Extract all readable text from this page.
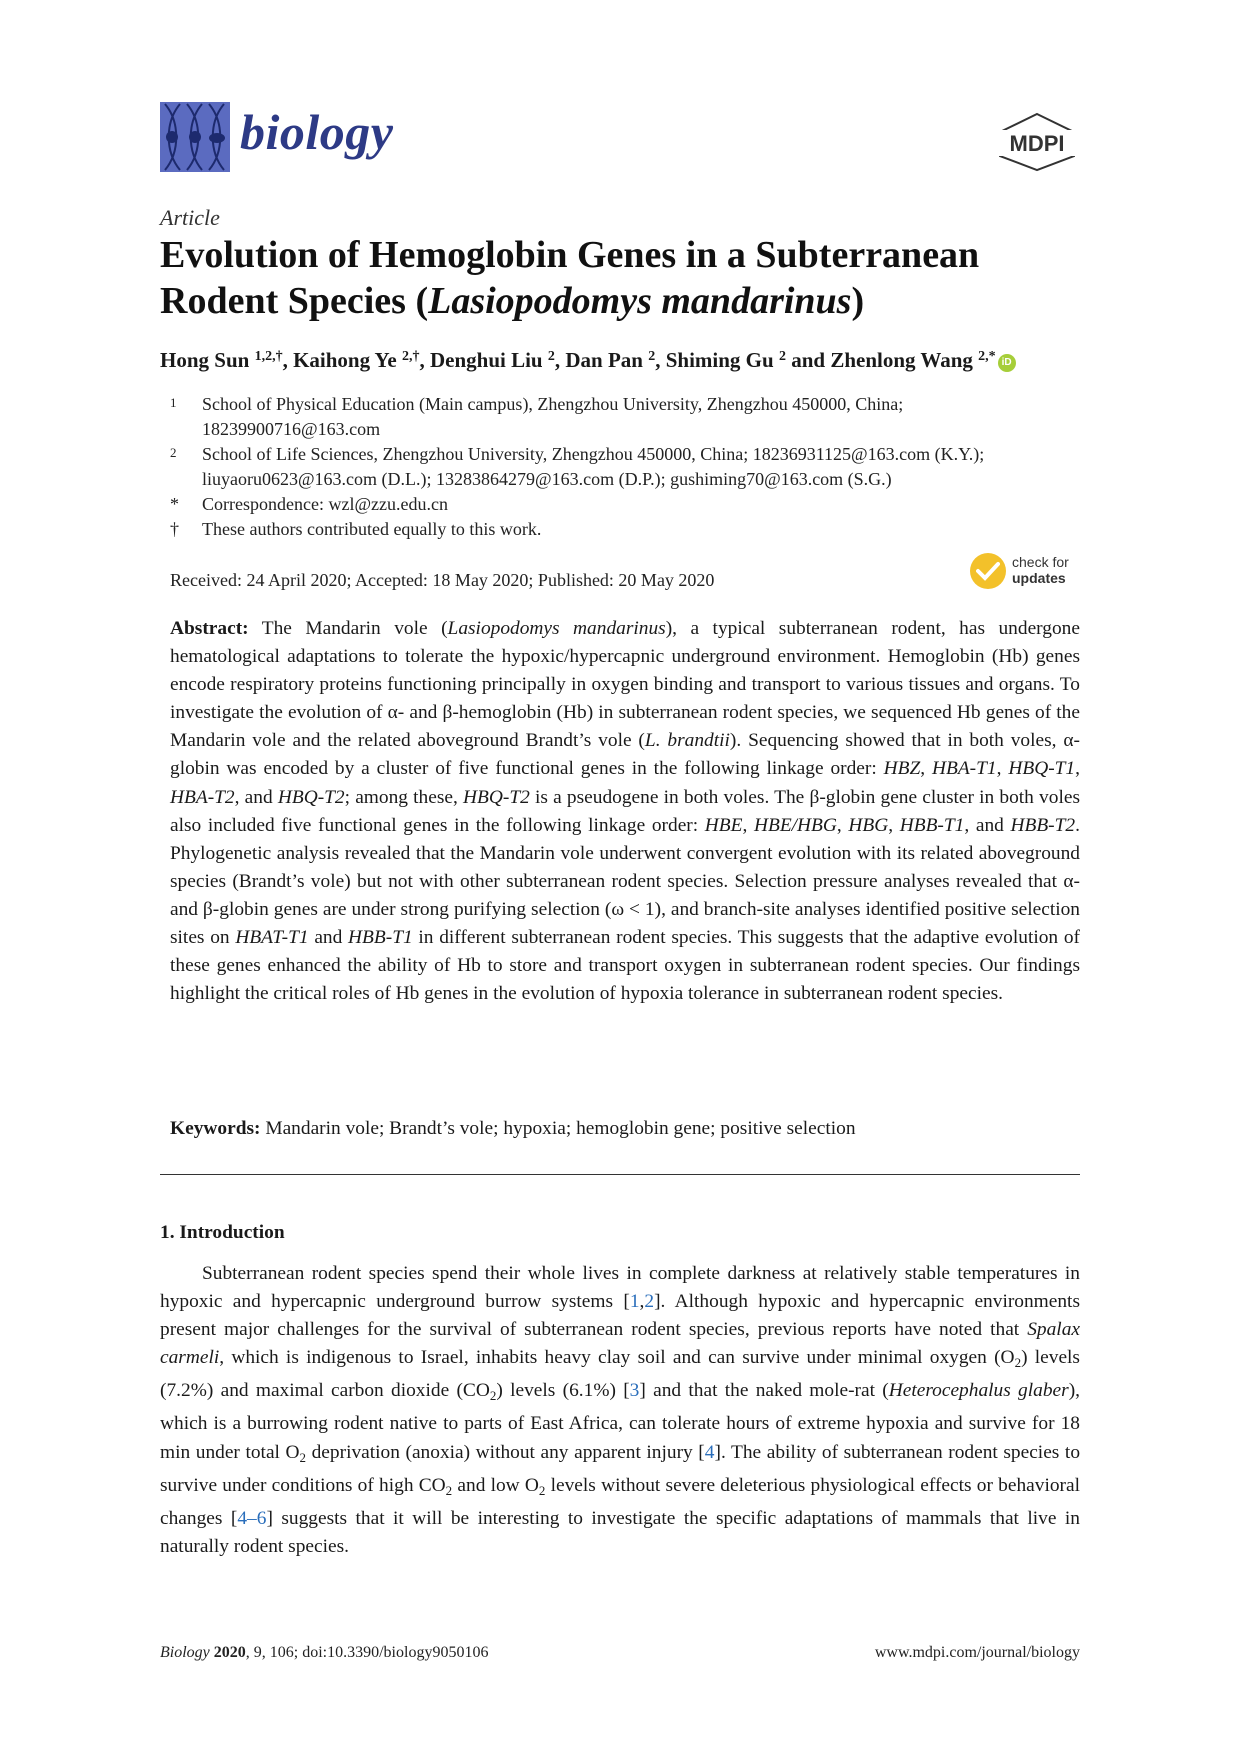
biology	MDPI
Article
Evolution of Hemoglobin Genes in a Subterranean
Rodent Species (Lasiopodomys mandarinus)
Hong Sun $^{1,2,\dagger}$, Kaihong Ye $^{2,\dagger}$, Denghui Liu $^2$, Dan Pan $^2$, Shiming Gu $^2$ and Zhenlong Wang $^{2,*}$ iD
1 School of Physical Education (Main campus), Zhengzhou University, Zhengzhou 450000, China;
18239900716@163.com
2 School of Life Sciences, Zhengzhou University, Zhengzhou 450000, China; 18236931125@163.com (K.Y.);
liuyaoru0623@163.com (D.L.); 13283864279@163.com (D.P.); gushiming70@163.com (S.G.)
* Correspondence: wzl@zzu.edu.cn
† These authors contributed equally to this work.
Received: 24 April 2020; Accepted: 18 May 2020; Published: 20 May 2020
check for
updates
Abstract: The Mandarin vole (Lasiopodomys mandarinus), a typical subterranean rodent, has undergone hematological adaptations to tolerate the hypoxic/hypercapnic underground environment. Hemoglobin (Hb) genes encode respiratory proteins functioning principally in oxygen binding and transport to various tissues and organs. To investigate the evolution of α- and β-hemoglobin (Hb) in subterranean rodent species, we sequenced Hb genes of the Mandarin vole and the related aboveground Brandt’s vole (L. brandtii). Sequencing showed that in both voles, α-globin was encoded by a cluster of five functional genes in the following linkage order: HBZ, HBA-T1, HBQ-T1, HBA-T2, and HBQ-T2; among these, HBQ-T2 is a pseudogene in both voles. The β-globin gene cluster in both voles also included five functional genes in the following linkage order: HBE, HBE/HBG, HBG, HBB-T1, and HBB-T2. Phylogenetic analysis revealed that the Mandarin vole underwent convergent evolution with its related aboveground species (Brandt’s vole) but not with other subterranean rodent species. Selection pressure analyses revealed that α- and β-globin genes are under strong purifying selection (ω < 1), and branch-site analyses identified positive selection sites on HBAT-T1 and HBB-T1 in different subterranean rodent species. This suggests that the adaptive evolution of these genes enhanced the ability of Hb to store and transport oxygen in subterranean rodent species. Our findings highlight the critical roles of Hb genes in the evolution of hypoxia tolerance in subterranean rodent species.
Keywords: Mandarin vole; Brandt’s vole; hypoxia; hemoglobin gene; positive selection
1. Introduction
Subterranean rodent species spend their whole lives in complete darkness at relatively stable temperatures in hypoxic and hypercapnic underground burrow systems [1,2]. Although hypoxic and hypercapnic environments present major challenges for the survival of subterranean rodent species, previous reports have noted that Spalax carmeli, which is indigenous to Israel, inhabits heavy clay soil and can survive under minimal oxygen $(O_2)$ levels (7.2%) and maximal carbon dioxide $(CO_2)$ levels (6.1%) [3] and that the naked mole-rat (Heterocephalus glaber), which is a burrowing rodent native to parts of East Africa, can tolerate hours of extreme hypoxia and survive for 18 min under total $O_2$ deprivation (anoxia) without any apparent injury [4]. The ability of subterranean rodent species to survive under conditions of high $CO_2$ and low $O_2$ levels without severe deleterious physiological effects or behavioral changes [4–6] suggests that it will be interesting to investigate the specific adaptations of mammals that live in naturally rodent species.
Biology 2020, 9, 106; doi:10.3390/biology9050106	www.mdpi.com/journal/biology
